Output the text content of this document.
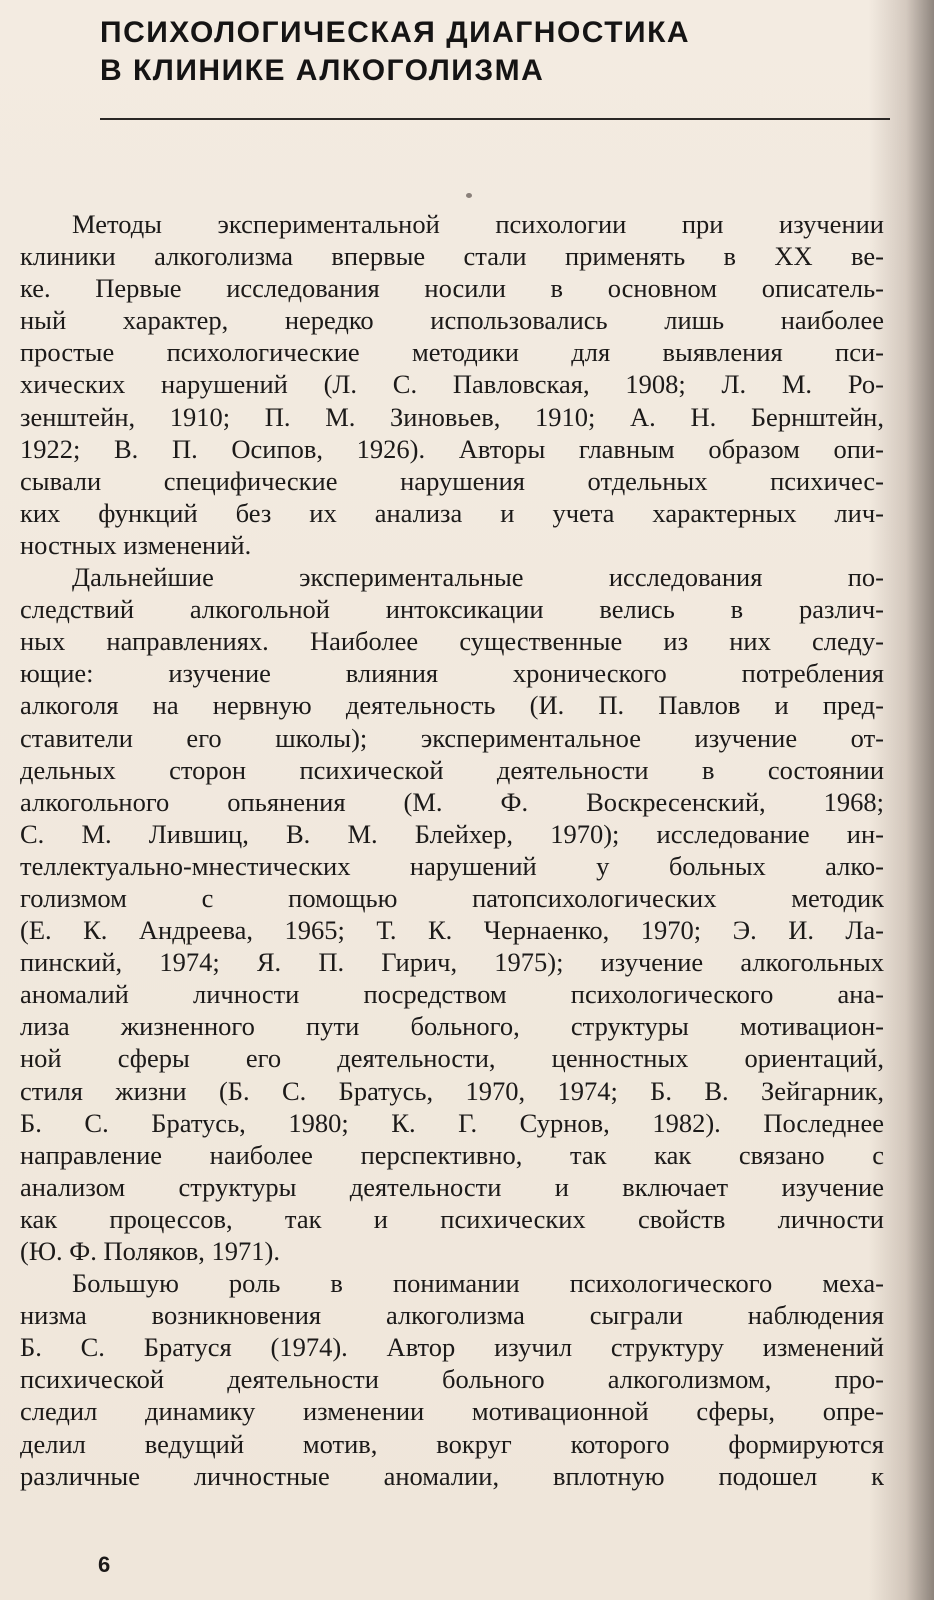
ПСИХОЛОГИЧЕСКАЯ ДИАГНОСТИКА
В КЛИНИКЕ АЛКОГОЛИЗМА

Методы экспериментальной психологии при изучении
клиники алкоголизма впервые стали применять в XX ве-
ке. Первые исследования носили в основном описатель-
ный характер, нередко использовались лишь наиболее
простые психологические методики для выявления пси-
хических нарушений (Л. С. Павловская, 1908; Л. М. Ро-
зенштейн, 1910; П. М. Зиновьев, 1910; А. Н. Бернштейн,
1922; В. П. Осипов, 1926). Авторы главным образом опи-
сывали специфические нарушения отдельных психичес-
ких функций без их анализа и учета характерных лич-
ностных изменений.

Дальнейшие экспериментальные исследования по-
следствий алкогольной интоксикации велись в различ-
ных направлениях. Наиболее существенные из них следу-
ющие: изучение влияния хронического потребления
алкоголя на нервную деятельность (И. П. Павлов и пред-
ставители его школы); экспериментальное изучение от-
дельных сторон психической деятельности в состоянии
алкогольного опьянения (М. Ф. Воскресенский, 1968;
С. М. Лившиц, В. М. Блейхер, 1970); исследование ин-
теллектуально-мнестических нарушений у больных алко-
голизмом с помощью патопсихологических методик
(Е. К. Андреева, 1965; Т. К. Чернаенко, 1970; Э. И. Ла-
пинский, 1974; Я. П. Гирич, 1975); изучение алкогольных
аномалий личности посредством психологического ана-
лиза жизненного пути больного, структуры мотивацион-
ной сферы его деятельности, ценностных ориентаций,
стиля жизни (Б. С. Братусь, 1970, 1974; Б. В. Зейгарник,
Б. С. Братусь, 1980; К. Г. Сурнов, 1982). Последнее
направление наиболее перспективно, так как связано с
анализом структуры деятельности и включает изучение
как процессов, так и психических свойств личности
(Ю. Ф. Поляков, 1971).

Большую роль в понимании психологического меха-
низма возникновения алкоголизма сыграли наблюдения
Б. С. Братуся (1974). Автор изучил структуру изменений
психической деятельности больного алкоголизмом, про-
следил динамику изменении мотивационной сферы, опре-
делил ведущий мотив, вокруг которого формируются
различные личностные аномалии, вплотную подошел к

6
